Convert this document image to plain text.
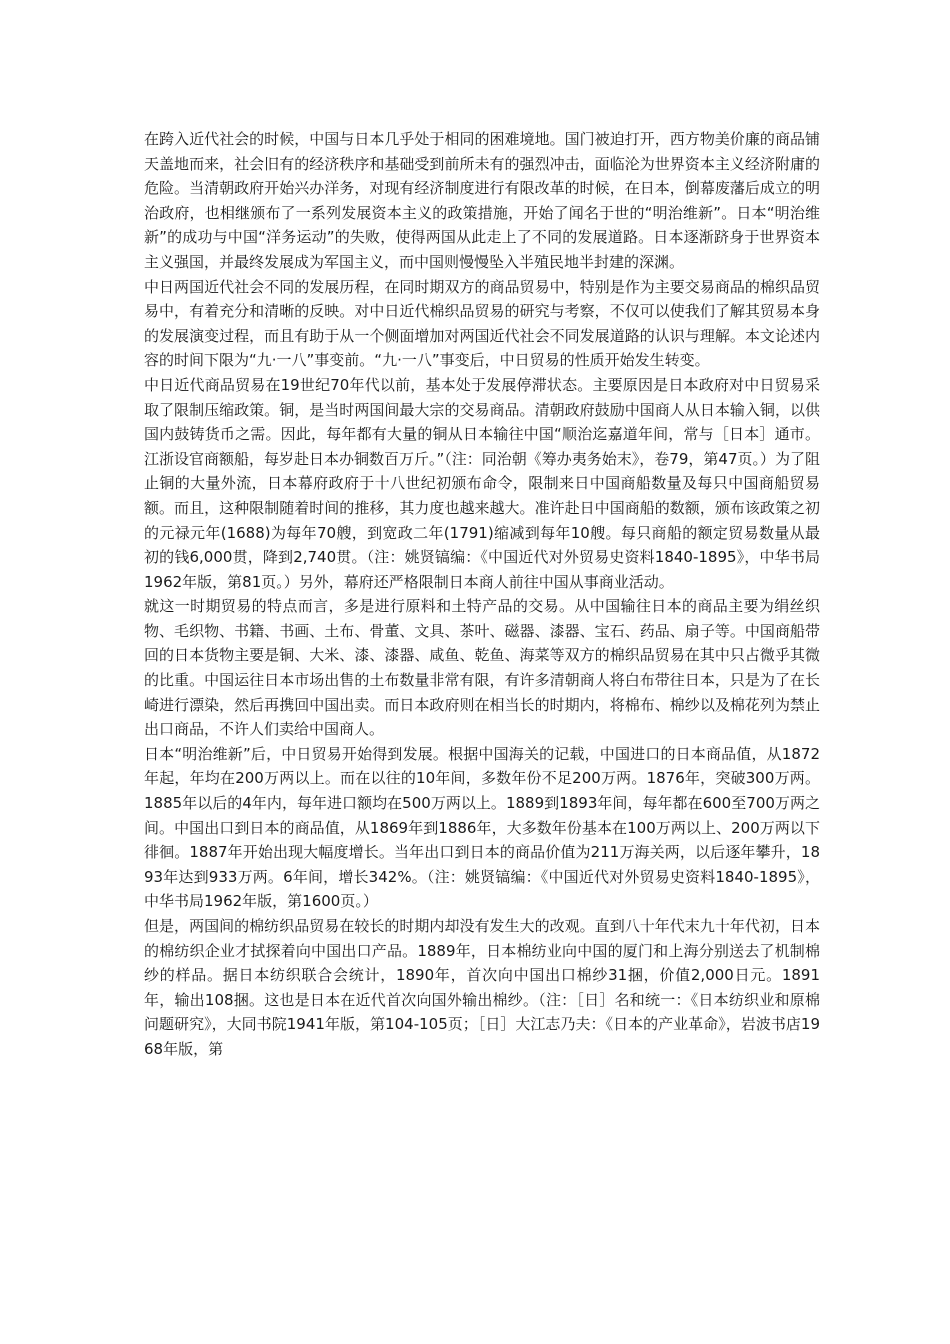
在跨入近代社会的时候，中国与日本几乎处于相同的困难境地。国门被迫打开，西方物美价廉的商品铺天盖地而来，社会旧有的经济秩序和基础受到前所未有的强烈冲击，面临沦为世界资本主义经济附庸的危险。当清朝政府开始兴办洋务，对现有经济制度进行有限改革的时候，在日本，倒幕废藩后成立的明治政府，也相继颁布了一系列发展资本主义的政策措施，开始了闻名于世的“明治维新”。日本“明治维新”的成功与中国“洋务运动”的失败，使得两国从此走上了不同的发展道路。日本逐渐跻身于世界资本主义强国，并最终发展成为军国主义，而中国则慢慢坠入半殖民地半封建的深渊。

中日两国近代社会不同的发展历程，在同时期双方的商品贸易中，特别是作为主要交易商品的棉织品贸易中，有着充分和清晰的反映。对中日近代棉织品贸易的研究与考察，不仅可以使我们了解其贸易本身的发展演变过程，而且有助于从一个侧面增加对两国近代社会不同发展道路的认识与理解。本文论述内容的时间下限为“九·一八”事变前。“九·一八”事变后，中日贸易的性质开始发生转变。

中日近代商品贸易在19世纪70年代以前，基本处于发展停滞状态。主要原因是日本政府对中日贸易采取了限制压缩政策。铜，是当时两国间最大宗的交易商品。清朝政府鼓励中国商人从日本输入铜，以供国内鼓铸货币之需。因此，每年都有大量的铜从日本输往中国“顺治迄嘉道年间，常与［日本］通市。江浙设官商额船，每岁赴日本办铜数百万斤。”（注：同治朝《筹办夷务始末》，卷79，第47页。）为了阻止铜的大量外流，日本幕府政府于十八世纪初颁布命令，限制来日中国商船数量及每只中国商船贸易额。而且，这种限制随着时间的推移，其力度也越来越大。准许赴日中国商船的数额，颁布该政策之初的元禄元年(1688)为每年70艘，到宽政二年(1791)缩减到每年10艘。每只商船的额定贸易数量从最初的钱6,000贯，降到2,740贯。（注：姚贤镐编：《中国近代对外贸易史资料1840-1895》，中华书局1962年版，第81页。）另外，幕府还严格限制日本商人前往中国从事商业活动。

就这一时期贸易的特点而言，多是进行原料和土特产品的交易。从中国输往日本的商品主要为绢丝织物、毛织物、书籍、书画、土布、骨董、文具、茶叶、磁器、漆器、宝石、药品、扇子等。中国商船带回的日本货物主要是铜、大米、漆、漆器、咸鱼、乾鱼、海菜等双方的棉织品贸易在其中只占微乎其微的比重。中国运往日本市场出售的土布数量非常有限，有许多清朝商人将白布带往日本，只是为了在长崎进行漂染，然后再携回中国出卖。而日本政府则在相当长的时期内，将棉布、棉纱以及棉花列为禁止出口商品，不许人们卖给中国商人。

日本“明治维新”后，中日贸易开始得到发展。根据中国海关的记载，中国进口的日本商品值，从1872年起，年均在200万两以上。而在以往的10年间，多数年份不足200万两。1876年，突破300万两。1885年以后的4年内，每年进口额均在500万两以上。1889到1893年间，每年都在600至700万两之间。中国出口到日本的商品值，从1869年到1886年，大多数年份基本在100万两以上、200万两以下徘徊。1887年开始出现大幅度增长。当年出口到日本的商品价值为211万海关两，以后逐年攀升，1893年达到933万两。6年间，增长342%。（注：姚贤镐编：《中国近代对外贸易史资料1840-1895》，中华书局1962年版，第1600页。）

但是，两国间的棉纺织品贸易在较长的时期内却没有发生大的改观。直到八十年代末九十年代初，日本的棉纺织企业才拭探着向中国出口产品。1889年，日本棉纺业向中国的厦门和上海分别送去了机制棉纱的样品。据日本纺织联合会统计，1890年，首次向中国出口棉纱31捆，价值2,000日元。1891年，输出108捆。这也是日本在近代首次向国外输出棉纱。（注：［日］名和统一：《日本纺织业和原棉问题研究》，大同书院1941年版，第104-105页；［日］大江志乃夫：《日本的产业革命》，岩波书店1968年版，第
